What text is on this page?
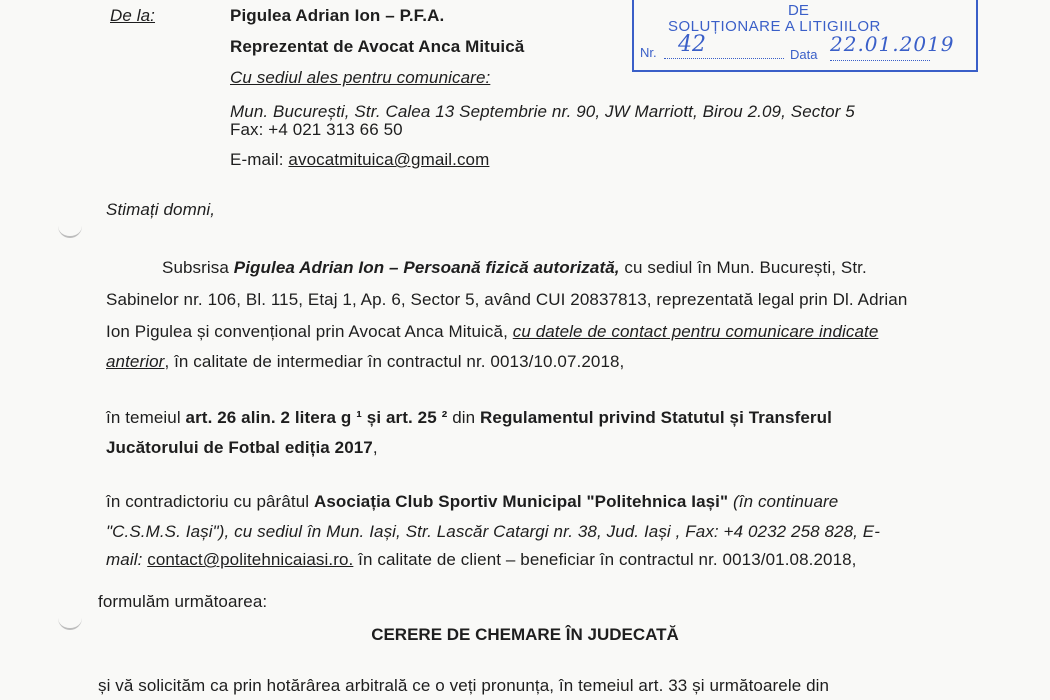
DE
SOLUȚIONARE A LITIGIILOR
Nr. 42	Data 22.01.2019
De la:	Pigulea Adrian Ion – P.F.A.
Reprezentat de Avocat Anca Mituică
Cu sediul ales pentru comunicare:
Mun. București, Str. Calea 13 Septembrie nr. 90, JW Marriott, Birou 2.09, Sector 5
Fax: +4 021 313 66 50
E-mail: avocatmituica@gmail.com
Stimați domni,
Subsrisa Pigulea Adrian Ion – Persoană fizică autorizată, cu sediul în Mun. București, Str.
Sabinelor nr. 106, Bl. 115, Etaj 1, Ap. 6, Sector 5, având CUI 20837813, reprezentată legal prin Dl. Adrian
Ion Pigulea și convențional prin Avocat Anca Mituică, cu datele de contact pentru comunicare indicate
anterior, în calitate de intermediar în contractul nr. 0013/10.07.2018,
în temeiul art. 26 alin. 2 litera g ¹ și art. 25 ² din Regulamentul privind Statutul și Transferul
Jucătorului de Fotbal ediția 2017,
în contradictoriu cu pârâtul Asociația Club Sportiv Municipal "Politehnica Iași" (în continuare
"C.S.M.S. Iași"), cu sediul în Mun. Iași, Str. Lascăr Catargi nr. 38, Jud. Iași , Fax: +4 0232 258 828, E-
mail: contact@politehnicaiasi.ro. în calitate de client – beneficiar în contractul nr. 0013/01.08.2018,
formulăm următoarea:
CERERE DE CHEMARE ÎN JUDECATĂ
și vă solicităm ca prin hotărârea arbitrală ce o veți pronunța, în temeiul art. 33 și următoarele din
